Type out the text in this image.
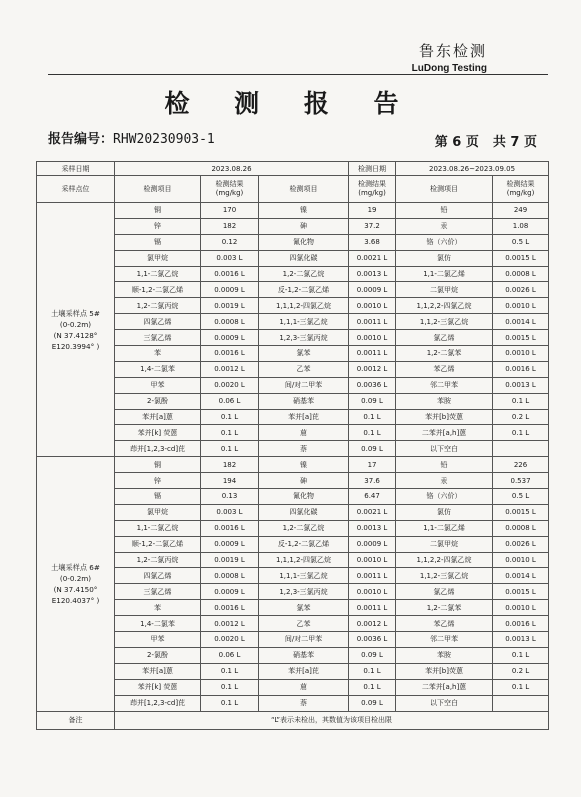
鲁东检测
LuDong Testing
检 测 报 告
报告编号：RHW20230903-1	第 6 页 共 7 页
采样日期	2023.08.26			检测日期	2023.08.26~2023.09.05	
采样点位	检测项目	检测结果 (mg/kg)	检测项目	检测结果 (mg/kg)	检测项目	检测结果 (mg/kg)

土壤采样点 5#
(0-0.2m)
(N 37.4128°
E120.3994° )	铜	170	镍	19	铅	249
	锌	182	砷	37.2	汞	1.08
	镉	0.12	氰化物	3.68	铬（六价）	0.5 L
	氯甲烷	0.003 L	四氯化碳	0.0021 L	氯仿	0.0015 L
	1,1-二氯乙烷	0.0016 L	1,2-二氯乙烷	0.0013 L	1,1-二氯乙烯	0.0008 L
	顺-1,2-二氯乙烯	0.0009 L	反-1,2-二氯乙烯	0.0009 L	二氯甲烷	0.0026 L
	1,2-二氯丙烷	0.0019 L	1,1,1,2-四氯乙烷	0.0010 L	1,1,2,2-四氯乙烷	0.0010 L
	四氯乙烯	0.0008 L	1,1,1-三氯乙烷	0.0011 L	1,1,2-三氯乙烷	0.0014 L
	三氯乙烯	0.0009 L	1,2,3-三氯丙烷	0.0010 L	氯乙烯	0.0015 L
	苯	0.0016 L	氯苯	0.0011 L	1,2-二氯苯	0.0010 L
	1,4-二氯苯	0.0012 L	乙苯	0.0012 L	苯乙烯	0.0016 L
	甲苯	0.0020 L	间/对二甲苯	0.0036 L	邻二甲苯	0.0013 L
	2-氯酚	0.06 L	硝基苯	0.09 L	苯胺	0.1 L
	苯并[a]蒽	0.1 L	苯并[a]芘	0.1 L	苯并[b]荧蒽	0.2 L
	苯并[k] 荧蒽	0.1 L	䓛	0.1 L	二苯并[a,h]蒽	0.1 L
	茚并[1,2,3-cd]芘	0.1 L	萘	0.09 L	以下空白	

土壤采样点 6#
(0-0.2m)
(N 37.4150°
E120.4037° )	铜	182	镍	17	铅	226
	锌	194	砷	37.6	汞	0.537
	镉	0.13	氰化物	6.47	铬（六价）	0.5 L
	氯甲烷	0.003 L	四氯化碳	0.0021 L	氯仿	0.0015 L
	1,1-二氯乙烷	0.0016 L	1,2-二氯乙烷	0.0013 L	1,1-二氯乙烯	0.0008 L
	顺-1,2-二氯乙烯	0.0009 L	反-1,2-二氯乙烯	0.0009 L	二氯甲烷	0.0026 L
	1,2-二氯丙烷	0.0019 L	1,1,1,2-四氯乙烷	0.0010 L	1,1,2,2-四氯乙烷	0.0010 L
	四氯乙烯	0.0008 L	1,1,1-三氯乙烷	0.0011 L	1,1,2-三氯乙烷	0.0014 L
	三氯乙烯	0.0009 L	1,2,3-三氯丙烷	0.0010 L	氯乙烯	0.0015 L
	苯	0.0016 L	氯苯	0.0011 L	1,2-二氯苯	0.0010 L
	1,4-二氯苯	0.0012 L	乙苯	0.0012 L	苯乙烯	0.0016 L
	甲苯	0.0020 L	间/对二甲苯	0.0036 L	邻二甲苯	0.0013 L
	2-氯酚	0.06 L	硝基苯	0.09 L	苯胺	0.1 L
	苯并[a]蒽	0.1 L	苯并[a]芘	0.1 L	苯并[b]荧蒽	0.2 L
	苯并[k] 荧蒽	0.1 L	䓛	0.1 L	二苯并[a,h]蒽	0.1 L
	茚并[1,2,3-cd]芘	0.1 L	萘	0.09 L	以下空白	
备注	“L”表示未检出，其数值为该项目检出限					
